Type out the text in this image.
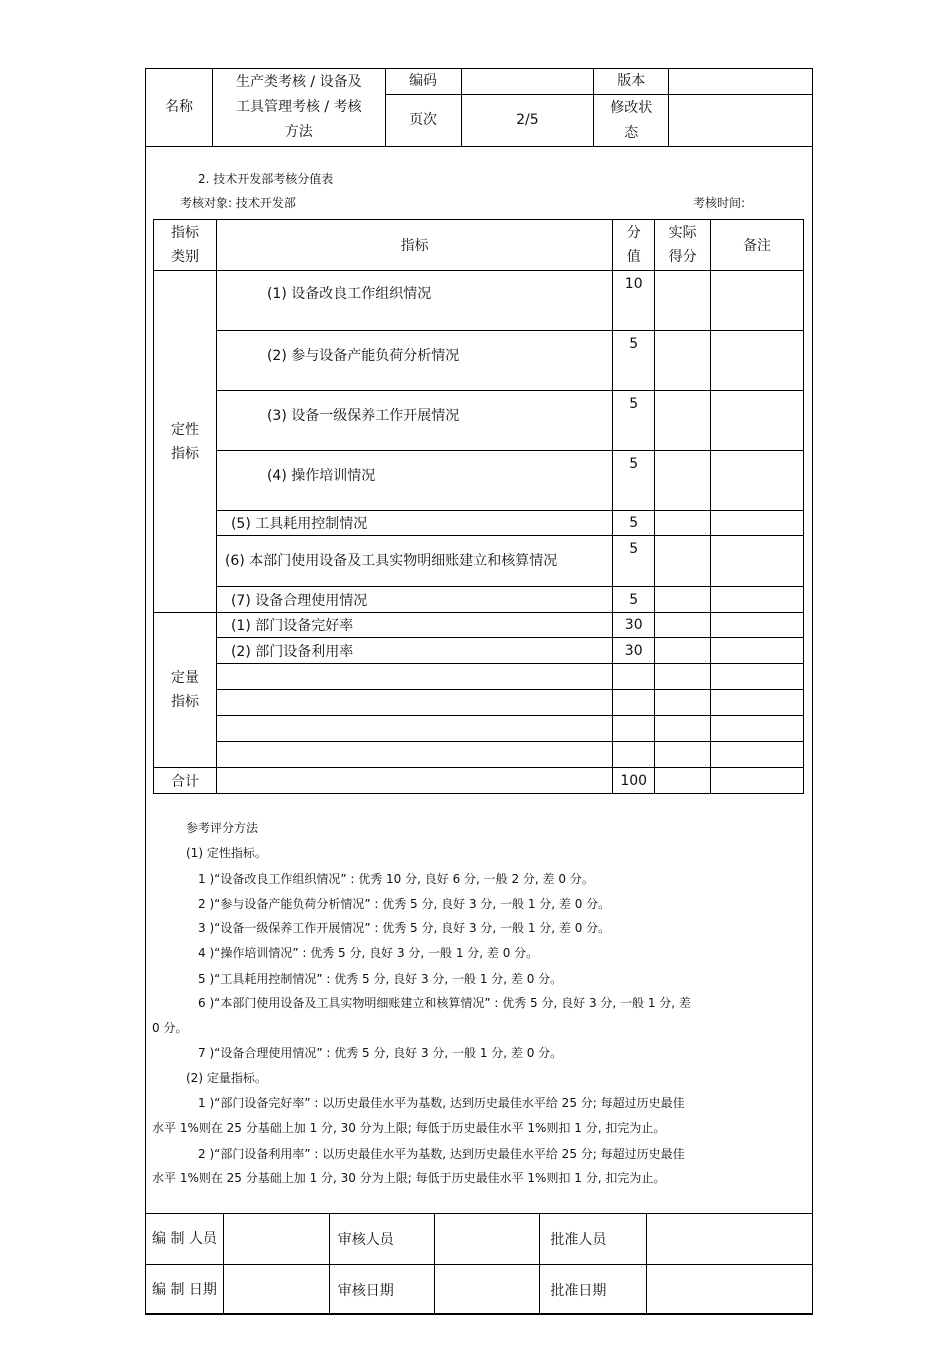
名称	生产类考核 / 设备及
工具管理考核 / 考核
方法	编码		版本	
		页次	2/5	修改状态	
2. 技术开发部考核分值表
考核对象: 技术开发部	考核时间:
指标类别	指标	分值	实际得分	备注
定性指标	(1) 设备改良工作组织情况	10		
	(2) 参与设备产能负荷分析情况	5		
	(3) 设备一级保养工作开展情况	5		
	(4) 操作培训情况	5		
	(5) 工具耗用控制情况	5		
	(6) 本部门使用设备及工具实物明细账建立和核算情况	5		
	(7) 设备合理使用情况	5		
定量指标	(1) 部门设备完好率	30		
	(2) 部门设备利用率	30		

合计		100		
参考评分方法
(1) 定性指标。
1 )“设备改良工作组织情况” : 优秀 10 分, 良好 6 分, 一般 2 分, 差 0 分。
2 )“参与设备产能负荷分析情况” : 优秀 5 分, 良好 3 分, 一般 1 分, 差 0 分。
3 )“设备一级保养工作开展情况” : 优秀 5 分, 良好 3 分, 一般 1 分, 差 0 分。
4 )“操作培训情况” : 优秀 5 分, 良好 3 分, 一般 1 分, 差 0 分。
5 )“工具耗用控制情况” : 优秀 5 分, 良好 3 分, 一般 1 分, 差 0 分。
6 )“本部门使用设备及工具实物明细账建立和核算情况” : 优秀 5 分, 良好 3 分, 一般 1 分, 差
0 分。
7 )“设备合理使用情况” : 优秀 5 分, 良好 3 分, 一般 1 分, 差 0 分。
(2) 定量指标。
1 )“部门设备完好率” : 以历史最佳水平为基数, 达到历史最佳水平给 25 分; 每超过历史最佳
水平 1%则在 25 分基础上加 1 分, 30 分为上限; 每低于历史最佳水平 1%则扣 1 分, 扣完为止。
2 )“部门设备利用率” : 以历史最佳水平为基数, 达到历史最佳水平给 25 分; 每超过历史最佳
水平 1%则在 25 分基础上加 1 分, 30 分为上限; 每低于历史最佳水平 1%则扣 1 分, 扣完为止。
编 制 人员		审核人员		批准人员	
编 制 日期		审核日期		批准日期	
